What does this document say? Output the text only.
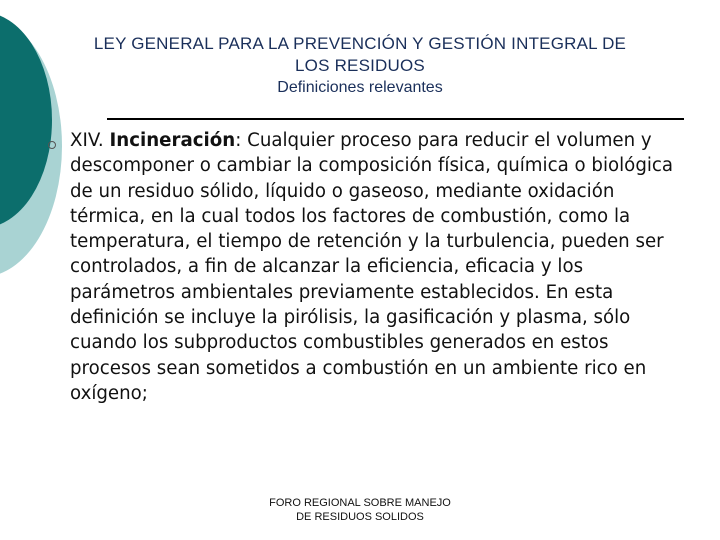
LEY GENERAL PARA LA PREVENCIÓN Y GESTIÓN INTEGRAL DE
LOS RESIDUOS
Definiciones relevantes
XIV. Incineración: Cualquier proceso para reducir el volumen y descomponer o cambiar la composición física, química o biológica de un residuo sólido, líquido o gaseoso, mediante oxidación térmica, en la cual todos los factores de combustión, como la temperatura, el tiempo de retención y la turbulencia, pueden ser controlados, a fin de alcanzar la eficiencia, eficacia y los parámetros ambientales previamente establecidos. En esta definición se incluye la pirólisis, la gasificación y plasma, sólo cuando los subproductos combustibles generados en estos procesos sean sometidos a combustión en un ambiente rico en oxígeno;
FORO REGIONAL SOBRE MANEJO
DE RESIDUOS SOLIDOS
